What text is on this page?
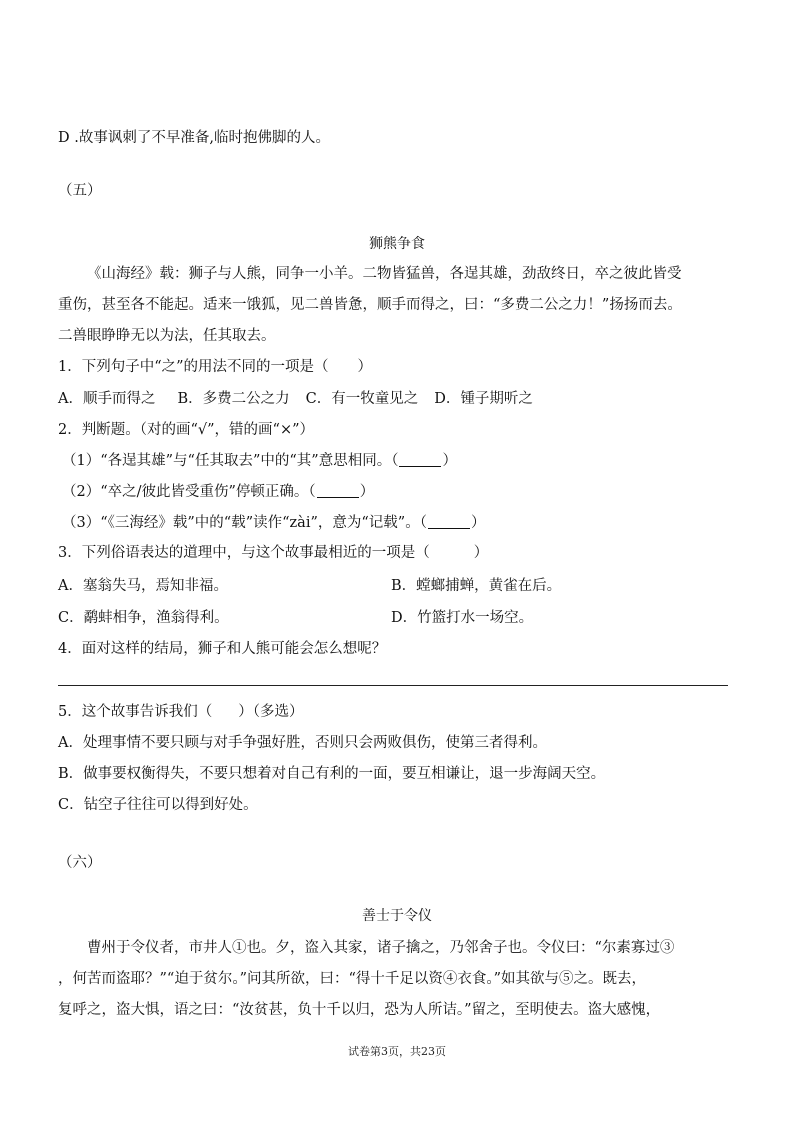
D .故事讽刺了不早准备,临时抱佛脚的人。
（五）
狮熊争食
《山海经》载：狮子与人熊，同争一小羊。二物皆猛兽，各逞其雄，劲敌终日，卒之彼此皆受
重伤，甚至各不能起。适来一饿狐，见二兽皆惫，顺手而得之，曰：“多费二公之力！”扬扬而去。
二兽眼睁睁无以为法，任其取去。
1．下列句子中“之”的用法不同的一项是（　　）
A．顺手而得之 B．多费二公之力 C．有一牧童见之 D．锺子期听之
2．判断题。（对的画“√”，错的画“×”）
（1）“各逞其雄”与“任其取去”中的“其”意思相同。（	）
（2）“卒之/彼此皆受重伤”停顿正确。（	）
（3）“《三海经》载”中的“载”读作“zài”，意为“记载”。（	）
3．下列俗语表达的道理中，与这个故事最相近的一项是（	）
A．塞翁失马，焉知非福。	B．螳螂捕蝉，黄雀在后。
C．鹬蚌相争，渔翁得利。	D．竹篮打水一场空。
4．面对这样的结局，狮子和人熊可能会怎么想呢？
5．这个故事告诉我们（ ）（多选）
A．处理事情不要只顾与对手争强好胜，否则只会两败俱伤，使第三者得利。
B．做事要权衡得失，不要只想着对自己有利的一面，要互相谦让，退一步海阔天空。
C．钻空子往往可以得到好处。
（六）
善士于令仪
曹州于令仪者，市井人①也。夕，盗入其家，诸子擒之，乃邻舍子也。令仪曰：“尔素寡过③
，何苦而盗耶？”“迫于贫尔。”问其所欲，曰：“得十千足以资④衣食。”如其欲与⑤之。既去，
复呼之，盗大惧，语之曰：“汝贫甚，负十千以归，恐为人所诘。”留之，至明使去。盗大感愧，
试卷第3页，共23页
